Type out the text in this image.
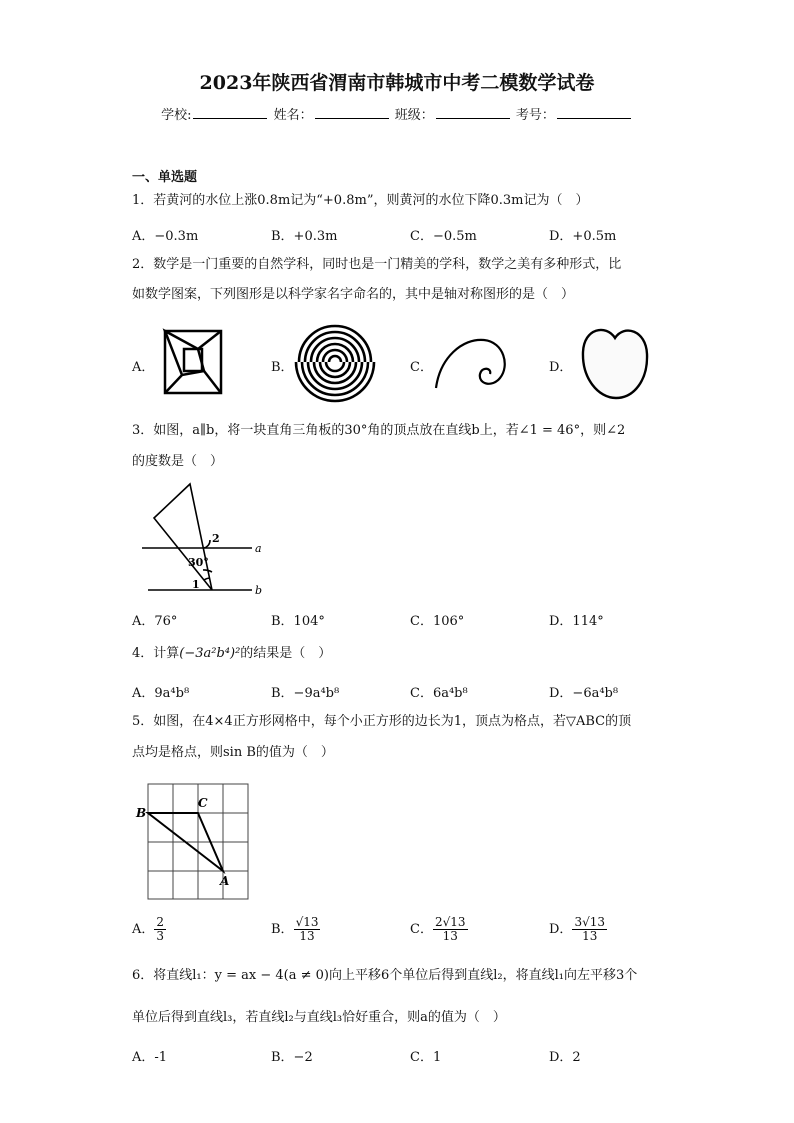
2023年陕西省渭南市韩城市中考二模数学试卷
学校:	姓名：	班级：	考号：
一、单选题
1．若黄河的水位上涨0.8m记为“+0.8m”，则黄河的水位下降0.3m记为（　）
A．−0.3m	B．+0.3m	C．−0.5m	D．+0.5m
2．数学是一门重要的自然学科，同时也是一门精美的学科，数学之美有多种形式，比
如数学图案，下列图形是以科学家名字命名的，其中是轴对称图形的是（　）
A．	B．	C．	D．
3．如图，a∥b，将一块直角三角板的30°角的顶点放在直线b上，若∠1 = 46°，则∠2
的度数是（　）
a
b
30°
1
2
A．76°	B．104°	C．106°	D．114°
4．计算(−3a²b⁴)²的结果是（　）
A．9a⁴b⁸	B．−9a⁴b⁸	C．6a⁴b⁸	D．−6a⁴b⁸
5．如图，在4×4正方形网格中，每个小正方形的边长为1，顶点为格点，若▽ABC的顶
点均是格点，则sin B的值为（　）
B
C
A
A． $\frac{2}{3}$	B． $\frac{√13}{13}$	C． $\frac{2√13}{13}$	D． $\frac{3√13}{13}$
6．将直线l₁：y = ax − 4(a ≠ 0)向上平移6个单位后得到直线l₂，将直线l₁向左平移3个
单位后得到直线l₃，若直线l₂与直线l₃恰好重合，则a的值为（　）
A．-1	B．−2	C．1	D．2
